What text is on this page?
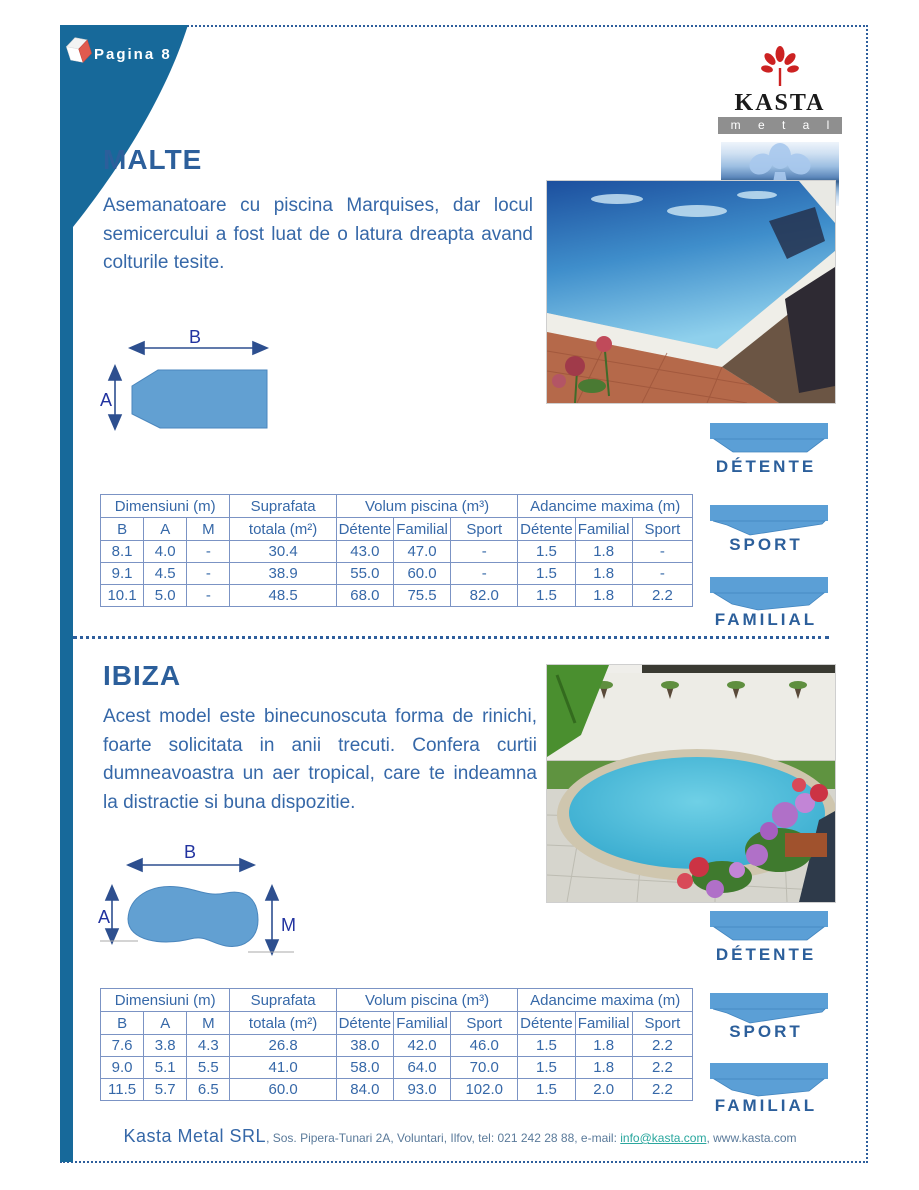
Pagina 8
KASTA
m e t a l
MALTE
Asemanatoare cu piscina Marquises, dar locul semicercului a fost luat de o latura dreapta avand colturile tesite.
B
A
Dimensiuni (m)			Suprafata	Volum piscina (m³)			Adancime maxima (m)		
B	A	M	totala (m²)	Détente	Familial	Sport	Détente	Familial	Sport
8.1	4.0	-	30.4	43.0	47.0	-	1.5	1.8	-
9.1	4.5	-	38.9	55.0	60.0	-	1.5	1.8	-
10.1	5.0	-	48.5	68.0	75.5	82.0	1.5	1.8	2.2
DÉTENTE
SPORT
FAMILIAL
IBIZA
Acest model este binecunoscuta forma de rinichi, foarte solicitata in anii trecuti. Confera curtii dumneavoastra un aer tropical, care te indeamna la distractie si buna dispozitie.
B
A	M
Dimensiuni (m)			Suprafata	Volum piscina (m³)			Adancime maxima (m)		
B	A	M	totala (m²)	Détente	Familial	Sport	Détente	Familial	Sport
7.6	3.8	4.3	26.8	38.0	42.0	46.0	1.5	1.8	2.2
9.0	5.1	5.5	41.0	58.0	64.0	70.0	1.5	1.8	2.2
11.5	5.7	6.5	60.0	84.0	93.0	102.0	1.5	2.0	2.2
DÉTENTE
SPORT
FAMILIAL
Kasta Metal SRL, Sos. Pipera-Tunari 2A, Voluntari, Ilfov, tel: 021 242 28 88, e-mail: info@kasta.com, www.kasta.com
